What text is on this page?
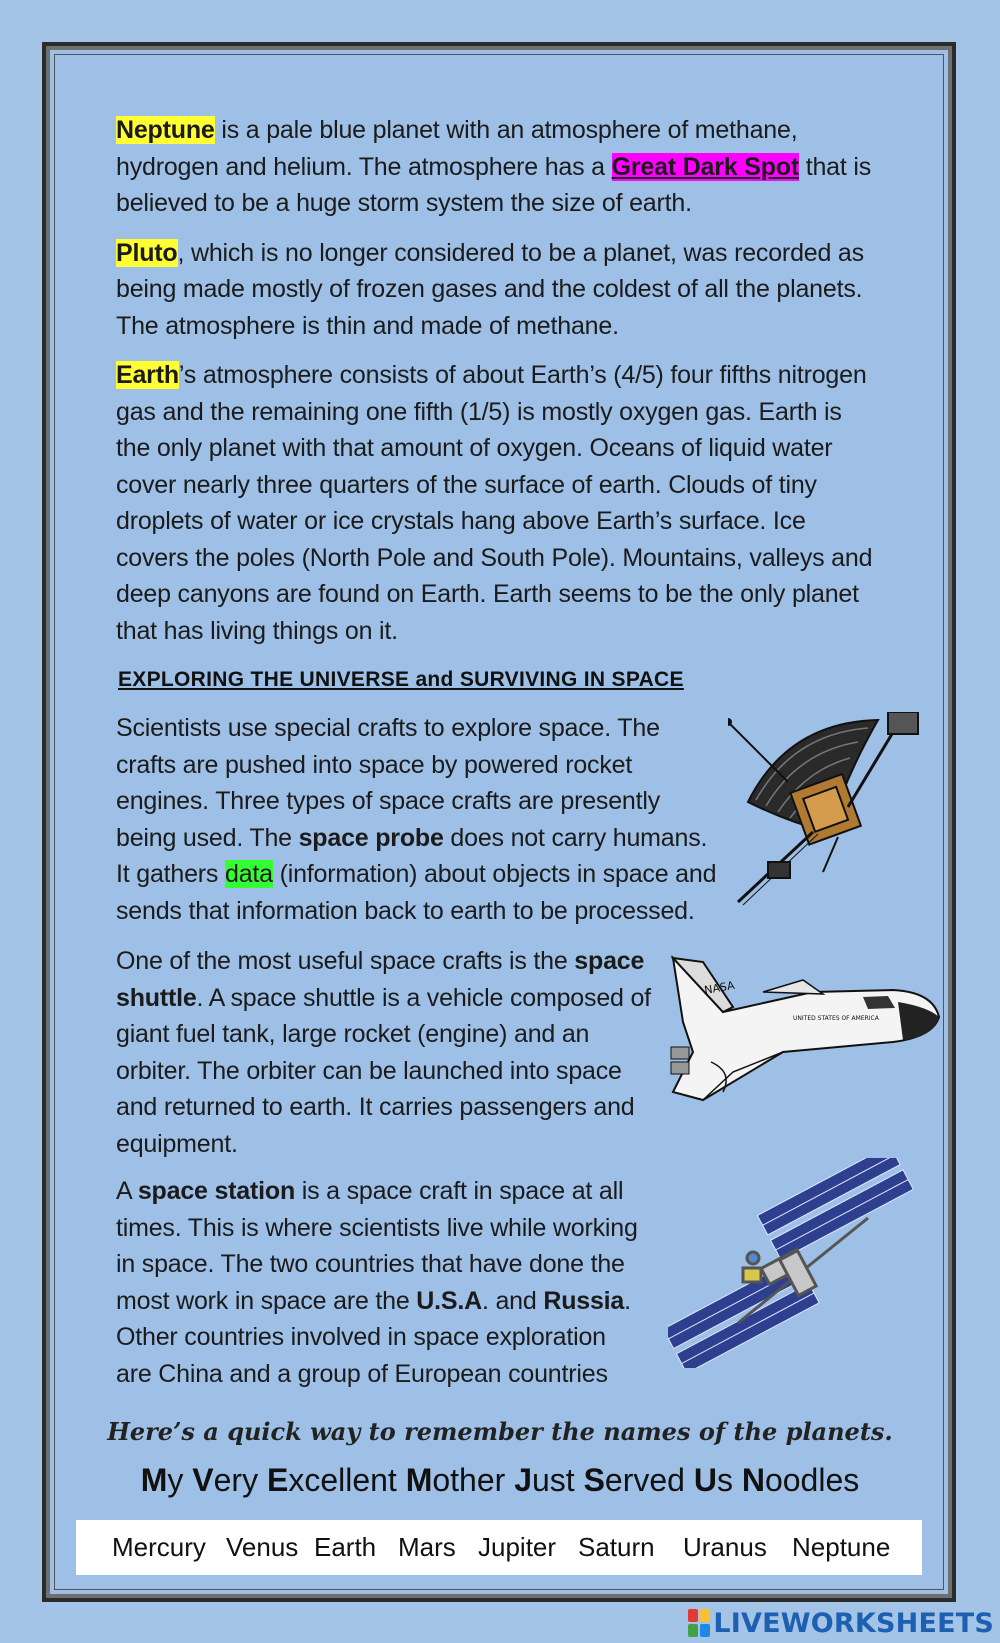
Neptune is a pale blue planet with an atmosphere of methane, hydrogen and helium. The atmosphere has a Great Dark Spot that is believed to be a huge storm system the size of earth.

Pluto, which is no longer considered to be a planet, was recorded as being made mostly of frozen gases and the coldest of all the planets. The atmosphere is thin and made of methane.

Earth’s atmosphere consists of about Earth’s (4/5) four fifths nitrogen gas and the remaining one fifth (1/5) is mostly oxygen gas. Earth is the only planet with that amount of oxygen. Oceans of liquid water cover nearly three quarters of the surface of earth. Clouds of tiny droplets of water or ice crystals hang above Earth’s surface. Ice covers the poles (North Pole and South Pole). Mountains, valleys and deep canyons are found on Earth. Earth seems to be the only planet that has living things on it.

EXPLORING THE UNIVERSE and SURVIVING IN SPACE

Scientists use special crafts to explore space. The crafts are pushed into space by powered rocket engines. Three types of space crafts are presently being used. The space probe does not carry humans. It gathers data (information) about objects in space and sends that information back to earth to be processed.

One of the most useful space crafts is the space shuttle. A space shuttle is a vehicle composed of giant fuel tank, large rocket (engine) and an orbiter. The orbiter can be launched into space and returned to earth. It carries passengers and equipment.

A space station is a space craft in space at all times. This is where scientists live while working in space. The two countries that have done the most work in space are the U.S.A. and Russia. Other countries involved in space exploration are China and a group of European countries

NASA
UNITED STATES OF AMERICA
Here’s a quick way to remember the names of the planets.
My Very Excellent Mother Just Served Us Noodles
Mercury Venus Earth Mars Jupiter Saturn Uranus Neptune
LIVEWORKSHEETS
